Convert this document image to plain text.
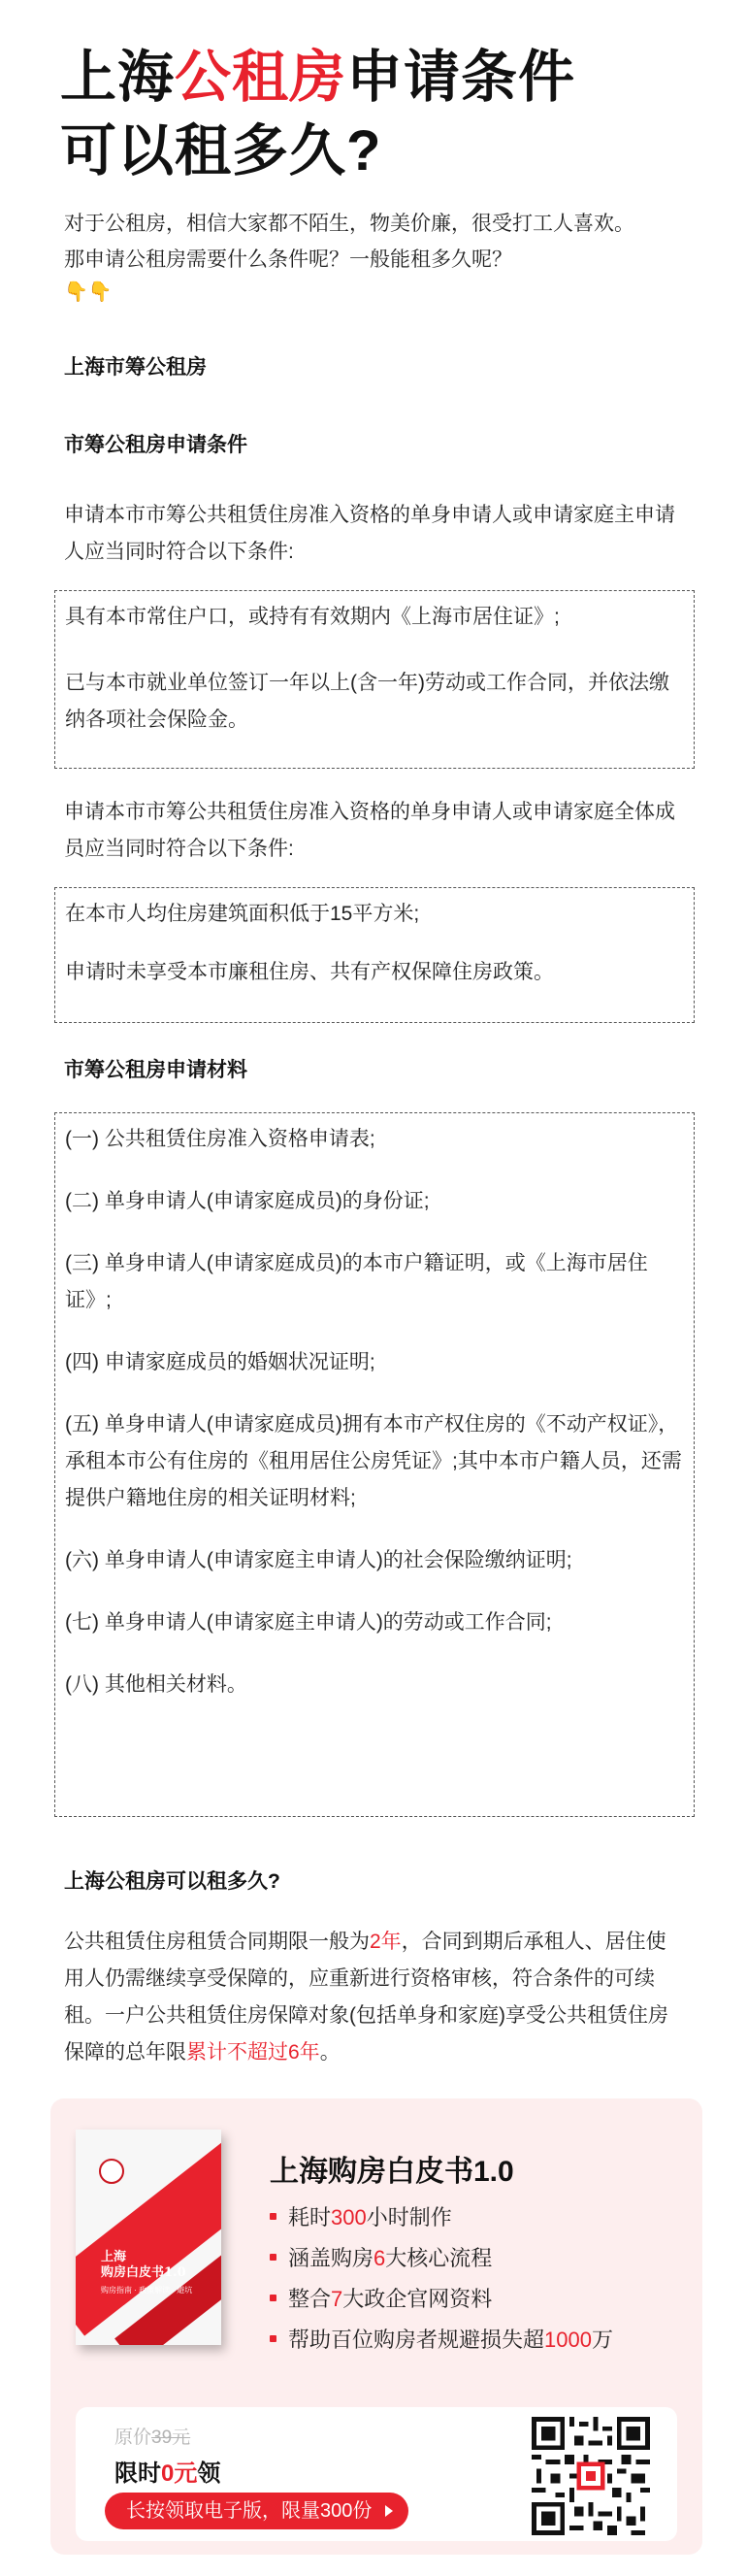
上海公租房申请条件
可以租多久?
对于公租房，相信大家都不陌生，物美价廉，很受打工人喜欢。
那申请公租房需要什么条件呢？一般能租多久呢？
👇👇
上海市筹公租房
市筹公租房申请条件
申请本市市筹公共租赁住房准入资格的单身申请人或申请家庭主申请人应当同时符合以下条件:
具有本市常住户口，或持有有效期内《上海市居住证》;
已与本市就业单位签订一年以上(含一年)劳动或工作合同，并依法缴纳各项社会保险金。
申请本市市筹公共租赁住房准入资格的单身申请人或申请家庭全体成员应当同时符合以下条件:
在本市人均住房建筑面积低于15平方米;
申请时未享受本市廉租住房、共有产权保障住房政策。
市筹公租房申请材料
(一) 公共租赁住房准入资格申请表;
(二) 单身申请人(申请家庭成员)的身份证;
(三) 单身申请人(申请家庭成员)的本市户籍证明，或《上海市居住证》;
(四) 申请家庭成员的婚姻状况证明;
(五) 单身申请人(申请家庭成员)拥有本市产权住房的《不动产权证》，承租本市公有住房的《租用居住公房凭证》;其中本市户籍人员，还需提供户籍地住房的相关证明材料;
(六) 单身申请人(申请家庭主申请人)的社会保险缴纳证明;
(七) 单身申请人(申请家庭主申请人)的劳动或工作合同;
(八) 其他相关材料。
上海公租房可以租多久?
公共租赁住房租赁合同期限一般为2年，合同到期后承租人、居住使用人仍需继续享受保障的，应重新进行资格审核，符合条件的可续租。一户公共租赁住房保障对象(包括单身和家庭)享受公共租赁住房保障的总年限累计不超过6年。
上海
购房白皮书1.0
购房指南 · 政策解读 · 避坑
上海购房白皮书1.0
耗时300小时制作
涵盖购房6大核心流程
整合7大政企官网资料
帮助百位购房者规避损失超1000万
原价39元
限时0元领
长按领取电子版，限量300份
